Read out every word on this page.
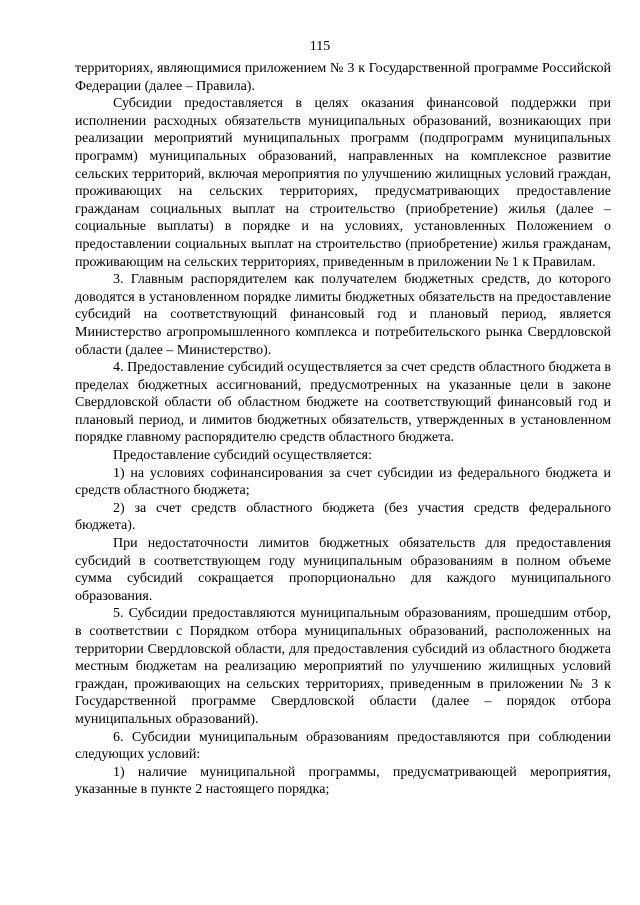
115

территориях, являющимися приложением № 3 к Государственной программе Российской Федерации (далее – Правила).

Субсидии предоставляется в целях оказания финансовой поддержки при исполнении расходных обязательств муниципальных образований, возникающих при реализации мероприятий муниципальных программ (подпрограмм муниципальных программ) муниципальных образований, направленных на комплексное развитие сельских территорий, включая мероприятия по улучшению жилищных условий граждан, проживающих на сельских территориях, предусматривающих предоставление гражданам социальных выплат на строительство (приобретение) жилья (далее – социальные выплаты) в порядке и на условиях, установленных Положением о предоставлении социальных выплат на строительство (приобретение) жилья гражданам, проживающим на сельских территориях, приведенным в приложении № 1 к Правилам.

3. Главным распорядителем как получателем бюджетных средств, до которого доводятся в установленном порядке лимиты бюджетных обязательств на предоставление субсидий на соответствующий финансовый год и плановый период, является Министерство агропромышленного комплекса и потребительского рынка Свердловской области (далее – Министерство).

4. Предоставление субсидий осуществляется за счет средств областного бюджета в пределах бюджетных ассигнований, предусмотренных на указанные цели в законе Свердловской области об областном бюджете на соответствующий финансовый год и плановый период, и лимитов бюджетных обязательств, утвержденных в установленном порядке главному распорядителю средств областного бюджета.

Предоставление субсидий осуществляется:

1) на условиях софинансирования за счет субсидии из федерального бюджета и средств областного бюджета;

2) за счет средств областного бюджета (без участия средств федерального бюджета).

При недостаточности лимитов бюджетных обязательств для предоставления субсидий в соответствующем году муниципальным образованиям в полном объеме сумма субсидий сокращается пропорционально для каждого муниципального образования.

5. Субсидии предоставляются муниципальным образованиям, прошедшим отбор, в соответствии с Порядком отбора муниципальных образований, расположенных на территории Свердловской области, для предоставления субсидий из областного бюджета местным бюджетам на реализацию мероприятий по улучшению жилищных условий граждан, проживающих на сельских территориях, приведенным в приложении № 3 к Государственной программе Свердловской области (далее – порядок отбора муниципальных образований).

6. Субсидии муниципальным образованиям предоставляются при соблюдении следующих условий:

1) наличие муниципальной программы, предусматривающей мероприятия, указанные в пункте 2 настоящего порядка;
